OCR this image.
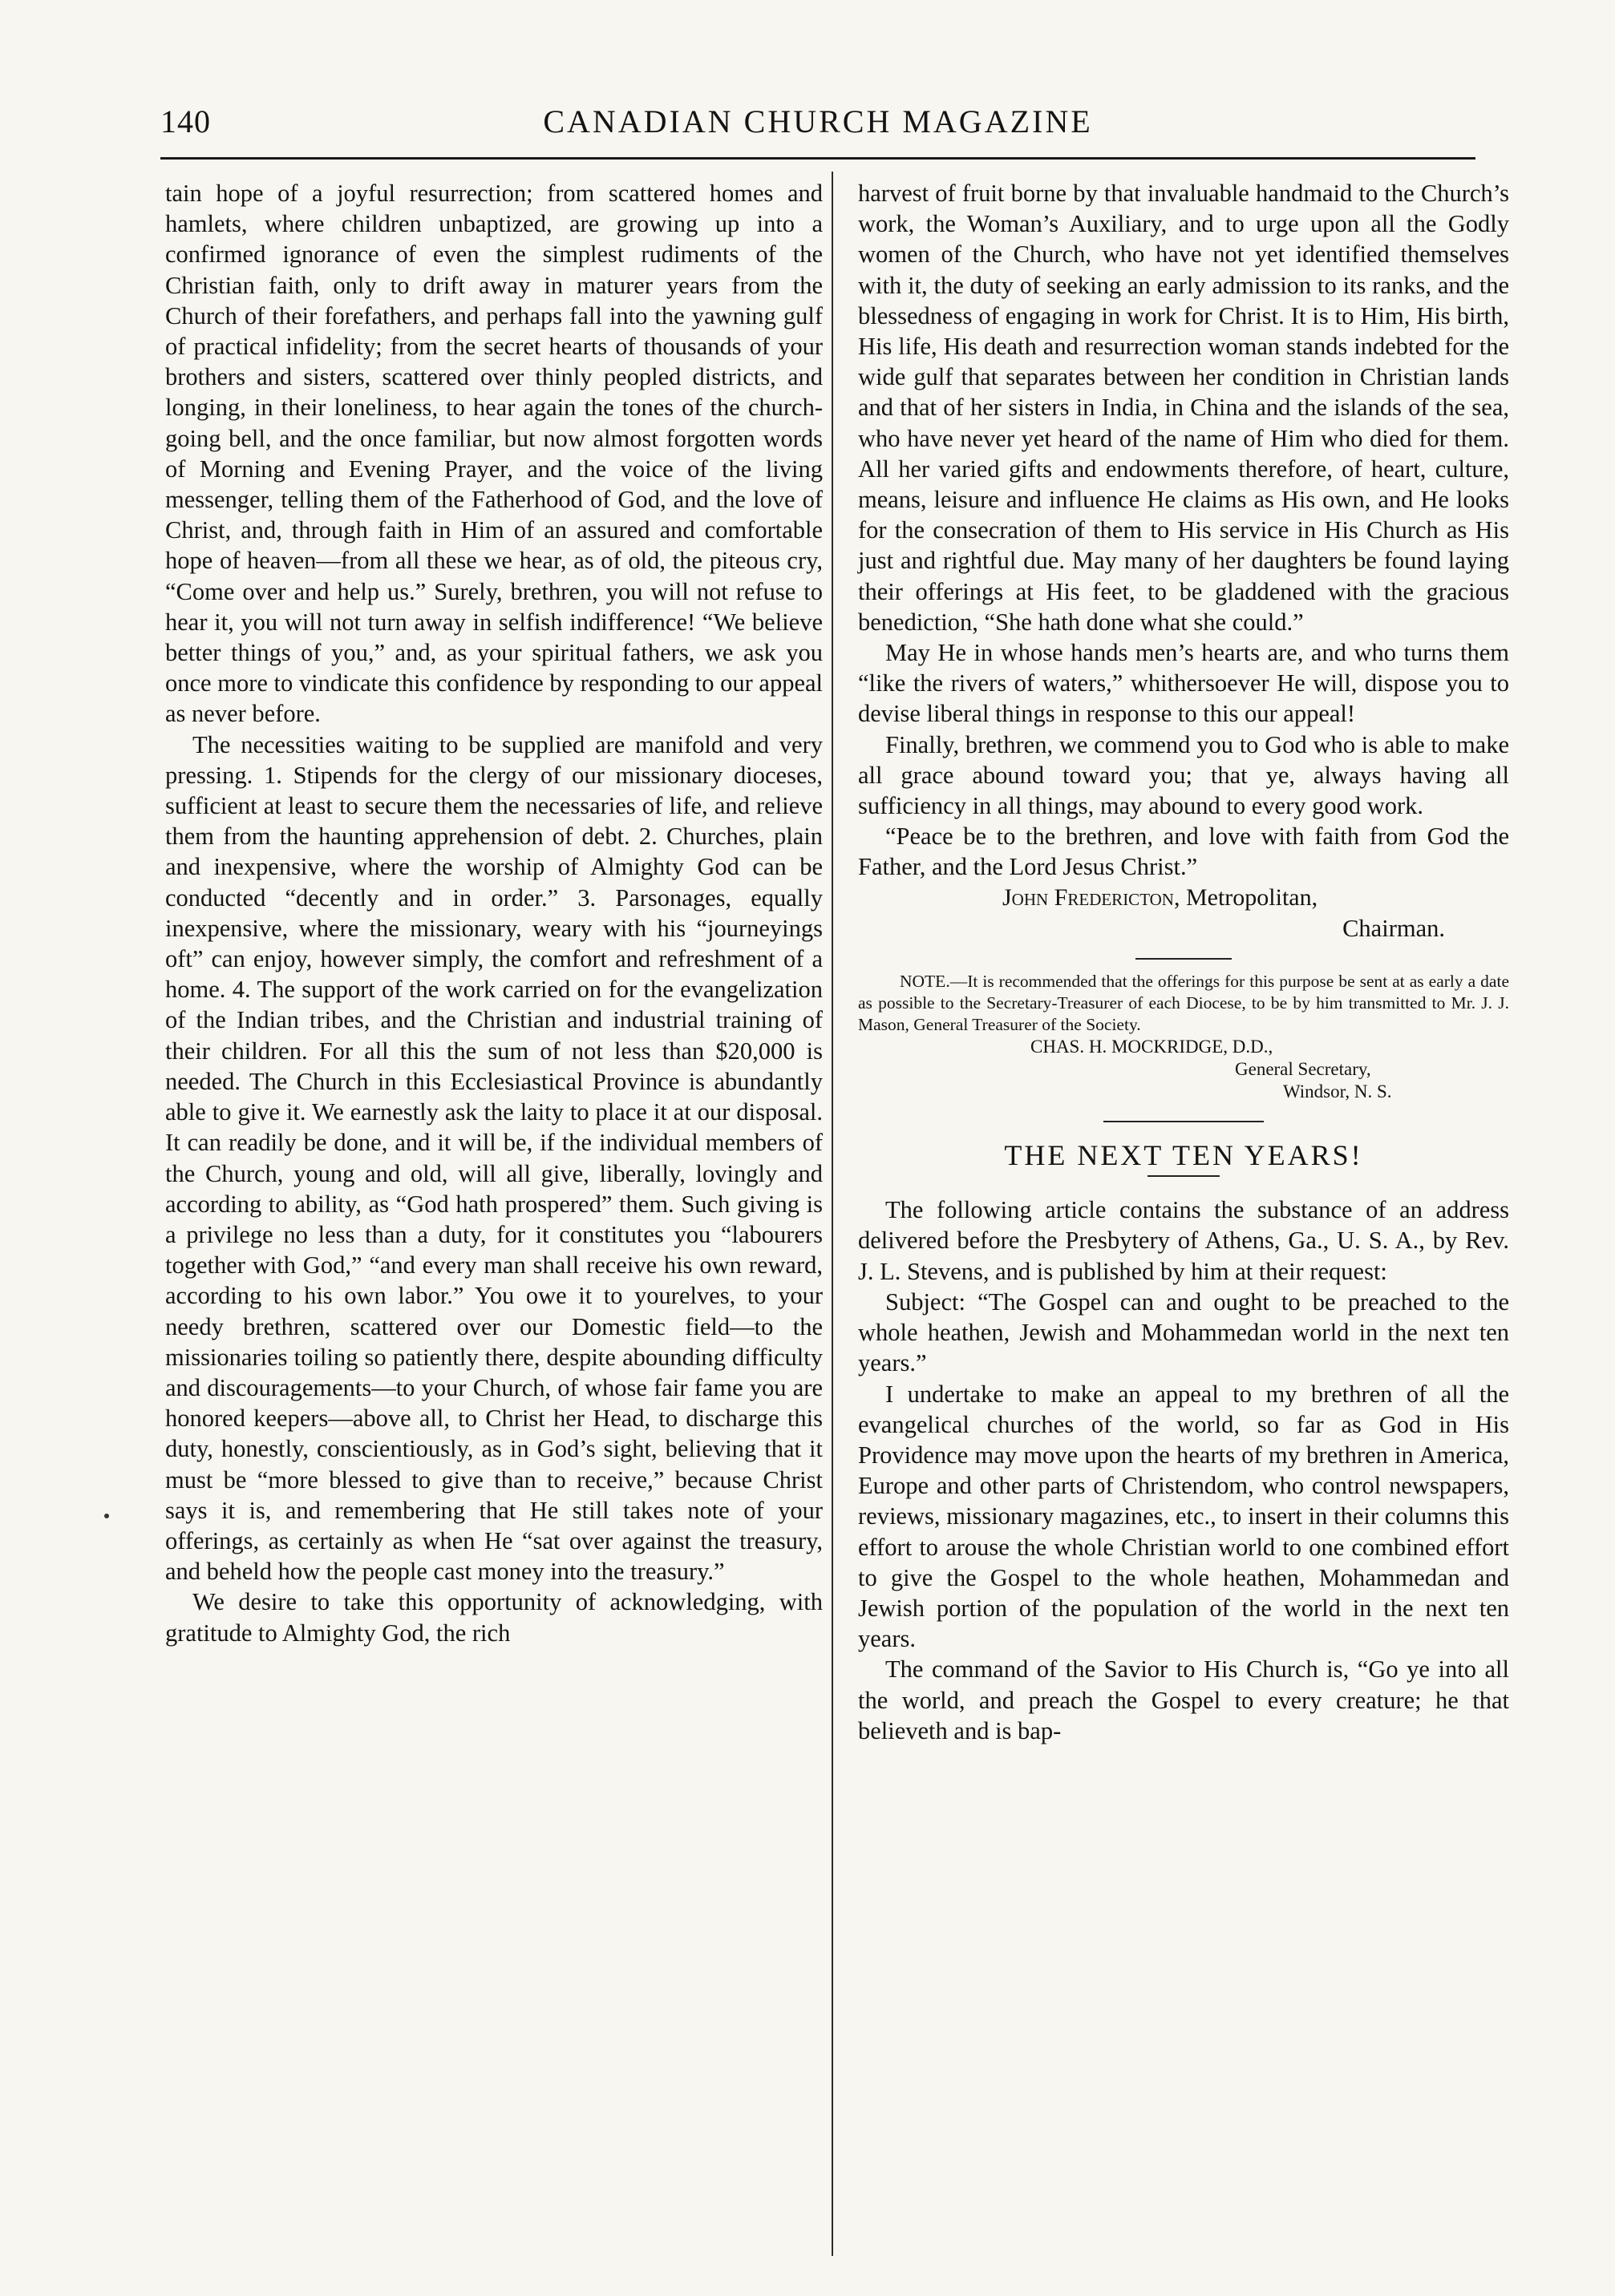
140	CANADIAN CHURCH MAGAZINE

tain hope of a joyful resurrection; from scattered homes and hamlets, where children unbaptized, are growing up into a confirmed ignorance of even the simplest rudiments of the Christian faith, only to drift away in maturer years from the Church of their forefathers, and perhaps fall into the yawning gulf of practical infidelity; from the secret hearts of thousands of your brothers and sisters, scattered over thinly peopled districts, and longing, in their loneliness, to hear again the tones of the church-going bell, and the once familiar, but now almost forgotten words of Morning and Evening Prayer, and the voice of the living messenger, telling them of the Fatherhood of God, and the love of Christ, and, through faith in Him of an assured and comfortable hope of heaven—from all these we hear, as of old, the piteous cry, “Come over and help us.” Surely, brethren, you will not refuse to hear it, you will not turn away in selfish indifference! “We believe better things of you,” and, as your spiritual fathers, we ask you once more to vindicate this confidence by responding to our appeal as never before.

The necessities waiting to be supplied are manifold and very pressing. 1. Stipends for the clergy of our missionary dioceses, sufficient at least to secure them the necessaries of life, and relieve them from the haunting apprehension of debt. 2. Churches, plain and inexpensive, where the worship of Almighty God can be conducted “decently and in order.” 3. Parsonages, equally inexpensive, where the missionary, weary with his “journeyings oft” can enjoy, however simply, the comfort and refreshment of a home. 4. The support of the work carried on for the evangelization of the Indian tribes, and the Christian and industrial training of their children. For all this the sum of not less than $20,000 is needed. The Church in this Ecclesiastical Province is abundantly able to give it. We earnestly ask the laity to place it at our disposal. It can readily be done, and it will be, if the individual members of the Church, young and old, will all give, liberally, lovingly and according to ability, as “God hath prospered” them. Such giving is a privilege no less than a duty, for it constitutes you “labourers together with God,” “and every man shall receive his own reward, according to his own labor.” You owe it to yourelves, to your needy brethren, scattered over our Domestic field—to the missionaries toiling so patiently there, despite abounding difficulty and discouragements—to your Church, of whose fair fame you are honored keepers—above all, to Christ her Head, to discharge this duty, honestly, conscientiously, as in God’s sight, believing that it must be “more blessed to give than to receive,” because Christ says it is, and remembering that He still takes note of your offerings, as certainly as when He “sat over against the treasury, and beheld how the people cast money into the treasury.”

We desire to take this opportunity of acknowledging, with gratitude to Almighty God, the rich

harvest of fruit borne by that invaluable handmaid to the Church’s work, the Woman’s Auxiliary, and to urge upon all the Godly women of the Church, who have not yet identified themselves with it, the duty of seeking an early admission to its ranks, and the blessedness of engaging in work for Christ. It is to Him, His birth, His life, His death and resurrection woman stands indebted for the wide gulf that separates between her condition in Christian lands and that of her sisters in India, in China and the islands of the sea, who have never yet heard of the name of Him who died for them. All her varied gifts and endowments therefore, of heart, culture, means, leisure and influence He claims as His own, and He looks for the consecration of them to His service in His Church as His just and rightful due. May many of her daughters be found laying their offerings at His feet, to be gladdened with the gracious benediction, “She hath done what she could.”

May He in whose hands men’s hearts are, and who turns them “like the rivers of waters,” whithersoever He will, dispose you to devise liberal things in response to this our appeal!

Finally, brethren, we commend you to God who is able to make all grace abound toward you; that ye, always having all sufficiency in all things, may abound to every good work.

“Peace be to the brethren, and love with faith from God the Father, and the Lord Jesus Christ.”

John Fredericton, Metropolitan,

Chairman.

NOTE.—It is recommended that the offerings for this purpose be sent at as early a date as possible to the Secretary-Treasurer of each Diocese, to be by him transmitted to Mr. J. J. Mason, General Treasurer of the Society.

CHAS. H. MOCKRIDGE, D.D.,

General Secretary,

Windsor, N. S.

THE NEXT TEN YEARS!

The following article contains the substance of an address delivered before the Presbytery of Athens, Ga., U. S. A., by Rev. J. L. Stevens, and is published by him at their request:

Subject: “The Gospel can and ought to be preached to the whole heathen, Jewish and Mohammedan world in the next ten years.”

I undertake to make an appeal to my brethren of all the evangelical churches of the world, so far as God in His Providence may move upon the hearts of my brethren in America, Europe and other parts of Christendom, who control newspapers, reviews, missionary magazines, etc., to insert in their columns this effort to arouse the whole Christian world to one combined effort to give the Gospel to the whole heathen, Mohammedan and Jewish portion of the population of the world in the next ten years.

The command of the Savior to His Church is, “Go ye into all the world, and preach the Gospel to every creature; he that believeth and is bap-
